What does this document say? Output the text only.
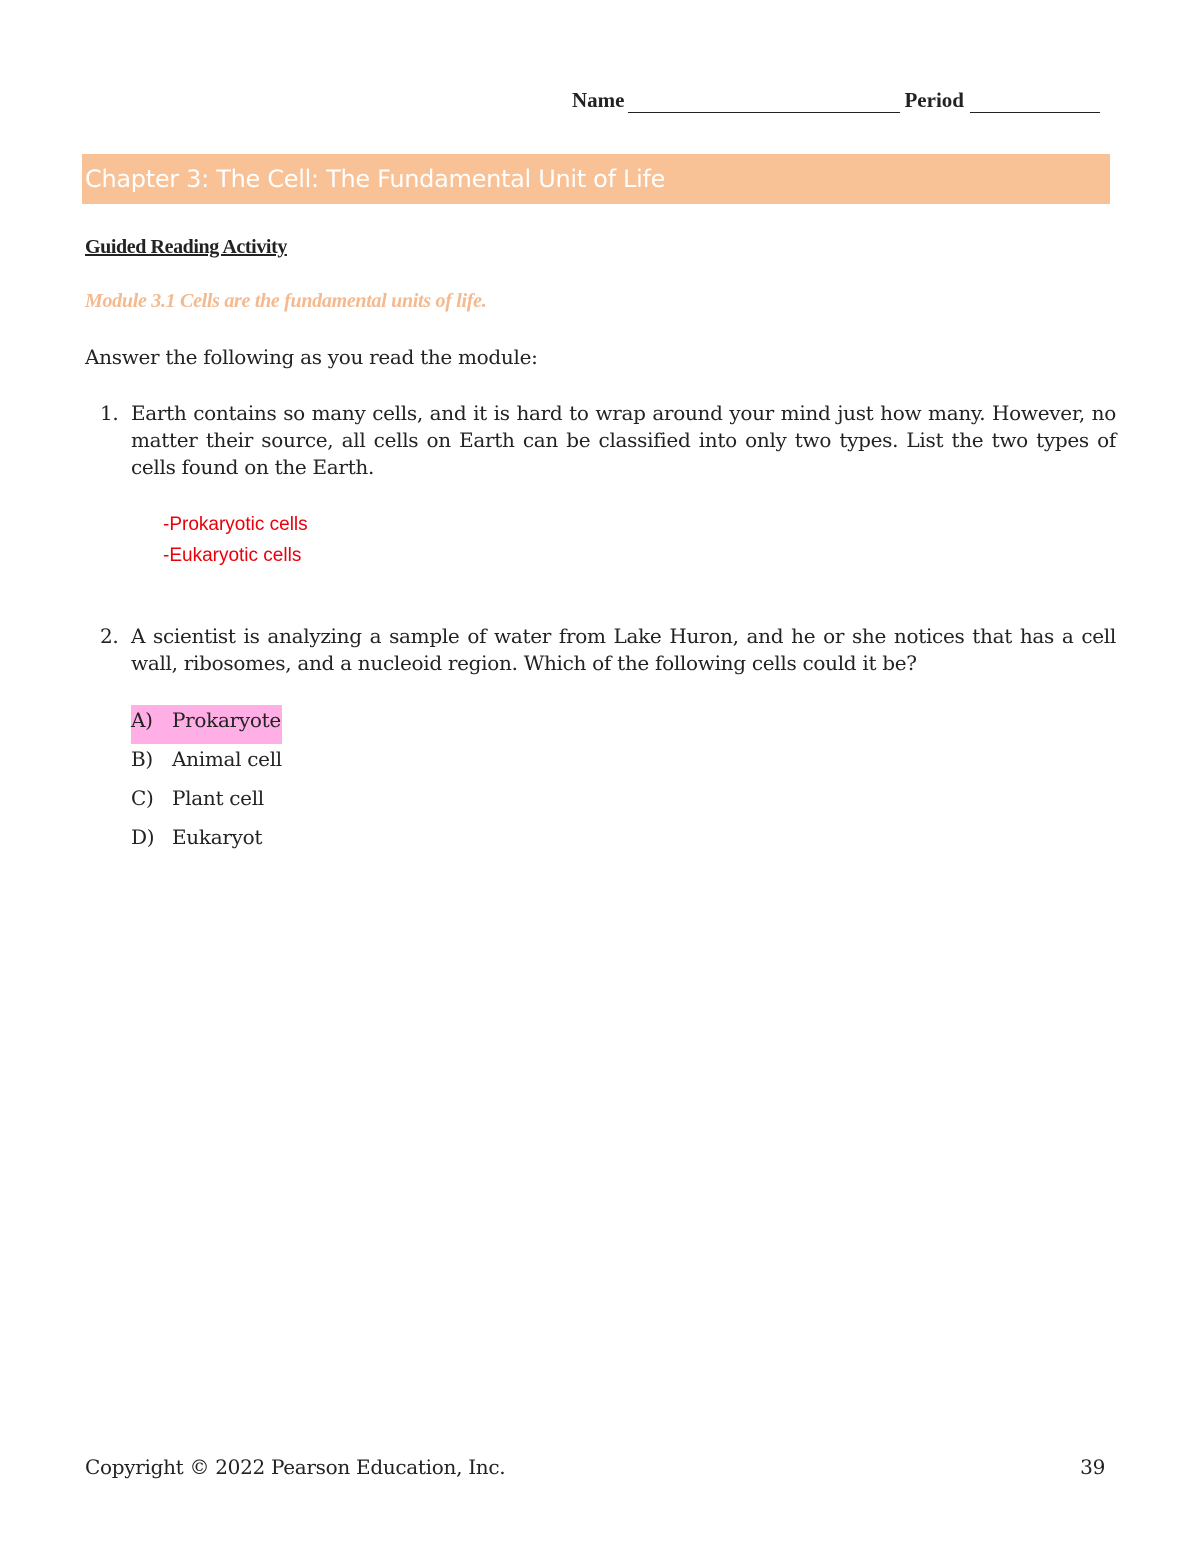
Name	Period
Chapter 3: The Cell: The Fundamental Unit of Life
Guided Reading Activity
Module 3.1 Cells are the fundamental units of life.
Answer the following as you read the module:
1. Earth contains so many cells, and it is hard to wrap around your mind just how many. However, no matter their source, all cells on Earth can be classified into only two types. List the two types of cells found on the Earth.
-Prokaryotic cells
-Eukaryotic cells
2. A scientist is analyzing a sample of water from Lake Huron, and he or she notices that has a cell wall, ribosomes, and a nucleoid region. Which of the following cells could it be?
A) Prokaryote
B) Animal cell
C) Plant cell
D) Eukaryot
Copyright © 2022 Pearson Education, Inc.	39
